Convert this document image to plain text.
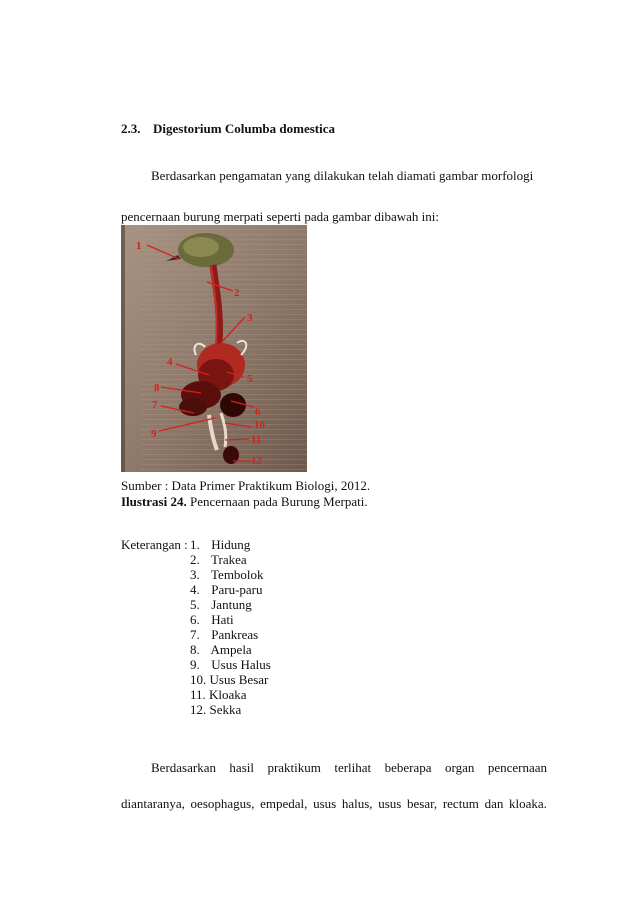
2.3. Digestorium Columba domestica
Berdasarkan pengamatan yang dilakukan telah diamati gambar morfologi
pencernaan burung merpati seperti pada gambar dibawah ini:
1
2
3
4
5
6
7
8
9
10
11
12
Sumber : Data Primer Praktikum Biologi, 2012.
Ilustrasi 24. Pencernaan pada Burung Merpati.
Keterangan : 1. Hidung
2. Trakea
3. Tembolok
4. Paru-paru
5. Jantung
6. Hati
7. Pankreas
8. Ampela
9. Usus Halus
10. Usus Besar
11. Kloaka
12. Sekka
Berdasarkan hasil praktikum terlihat beberapa organ pencernaan
diantaranya, oesophagus, empedal, usus halus, usus besar, rectum dan kloaka.
